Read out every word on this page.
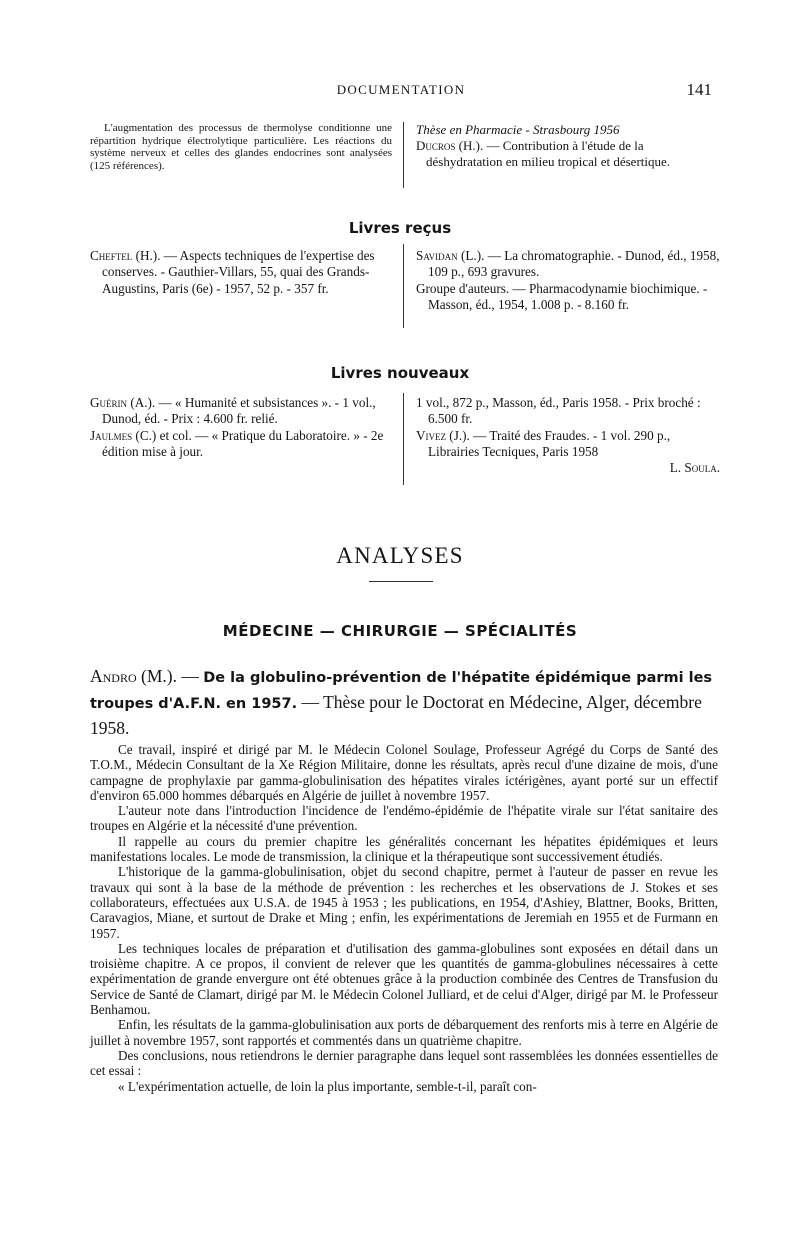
DOCUMENTATION	141

L'augmentation des processus de thermolyse conditionne une répartition hydrique électrolytique particulière. Les réactions du système nerveux et celles des glandes endocrines sont analysées (125 références).

Thèse en Pharmacie - Strasbourg 1956

Ducros (H.). — Contribution à l'étude de la déshydratation en milieu tropical et désertique.

Livres reçus

Cheftel (H.). — Aspects techniques de l'expertise des conserves. - Gauthier-Villars, 55, quai des Grands-Augustins, Paris (6e) - 1957, 52 p. - 357 fr.

Savidan (L.). — La chromatographie. - Dunod, éd., 1958, 109 p., 693 gravures.

Groupe d'auteurs. — Pharmacodynamie biochimique. - Masson, éd., 1954, 1.008 p. - 8.160 fr.

Livres nouveaux

Guérin (A.). — « Humanité et subsistances ». - 1 vol., Dunod, éd. - Prix : 4.600 fr. relié.

Jaulmes (C.) et col. — « Pratique du Laboratoire. » - 2e édition mise à jour.

1 vol., 872 p., Masson, éd., Paris 1958. - Prix broché : 6.500 fr.

Vivez (J.). — Traité des Fraudes. - 1 vol. 290 p., Librairies Tecniques, Paris 1958

L. Soula.

ANALYSES
MÉDECINE — CHIRURGIE — SPÉCIALITÉS
Andro (M.). — De la globulino-prévention de l'hépatite épidémique parmi les troupes d'A.F.N. en 1957. — Thèse pour le Doctorat en Médecine, Alger, décembre 1958.

Ce travail, inspiré et dirigé par M. le Médecin Colonel Soulage, Professeur Agrégé du Corps de Santé des T.O.M., Médecin Consultant de la Xe Région Militaire, donne les résultats, après recul d'une dizaine de mois, d'une campagne de prophylaxie par gamma-globulinisation des hépatites virales ictérigènes, ayant porté sur un effectif d'environ 65.000 hommes débarqués en Algérie de juillet à novembre 1957.

L'auteur note dans l'introduction l'incidence de l'endémo-épidémie de l'hépatite virale sur l'état sanitaire des troupes en Algérie et la nécessité d'une prévention.

Il rappelle au cours du premier chapitre les généralités concernant les hépatites épidémiques et leurs manifestations locales. Le mode de transmission, la clinique et la thérapeutique sont successivement étudiés.

L'historique de la gamma-globulinisation, objet du second chapitre, permet à l'auteur de passer en revue les travaux qui sont à la base de la méthode de prévention : les recherches et les observations de J. Stokes et ses collaborateurs, effectuées aux U.S.A. de 1945 à 1953 ; les publications, en 1954, d'Ashiey, Blattner, Books, Britten, Caravagios, Miane, et surtout de Drake et Ming ; enfin, les expérimentations de Jeremiah en 1955 et de Furmann en 1957.

Les techniques locales de préparation et d'utilisation des gamma-globulines sont exposées en détail dans un troisième chapitre. A ce propos, il convient de relever que les quantités de gamma-globulines nécessaires à cette expérimentation de grande envergure ont été obtenues grâce à la production combinée des Centres de Transfusion du Service de Santé de Clamart, dirigé par M. le Médecin Colonel Julliard, et de celui d'Alger, dirigé par M. le Professeur Benhamou.

Enfin, les résultats de la gamma-globulinisation aux ports de débarquement des renforts mis à terre en Algérie de juillet à novembre 1957, sont rapportés et commentés dans un quatrième chapitre.

Des conclusions, nous retiendrons le dernier paragraphe dans lequel sont rassemblées les données essentielles de cet essai :

« L'expérimentation actuelle, de loin la plus importante, semble-t-il, paraît con-
